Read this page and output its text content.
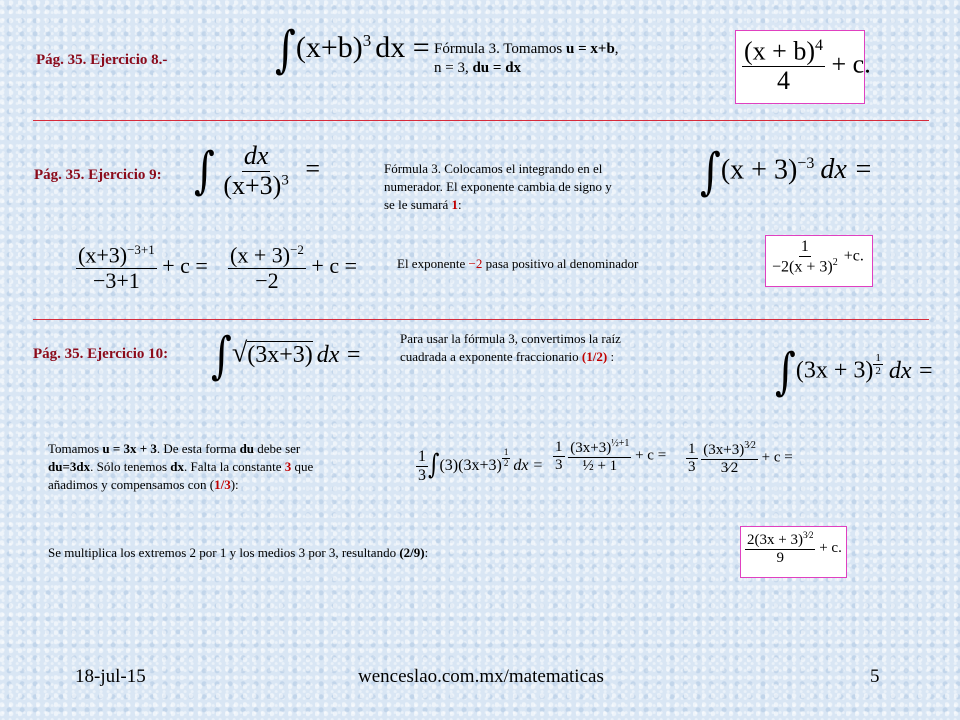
Pág. 35. Ejercicio 8.-	$\int(x+b)^3$ dx = Fórmula 3. Tomamos u = x+b,
n = 3, du = dx	$\frac{(x + b)^4}{4} + c$.
Pág. 35. Ejercicio 9: ∫ $\frac{dx}{(x+3)^3}$ =	Fórmula 3. Colocamos el integrando en el
numerador. El exponente cambia de signo y
se le sumará 1:
$\int(x + 3)^{-3}$ dx =
$\frac{(x+3)^{-3+1}}{-3+1} + c = \frac{(x + 3)^{-2}}{-2} + c$ =	El exponente −2 pasa positivo al denominador	$\frac{1}{-2(x + 3)^2} +c$.
Pág. 35. Ejercicio 10: ∫√(3x+3) dx =
Para usar la fórmula 3, convertimos la raíz
cuadrada a exponente fraccionario (1/2) :	$\int(3x + 3) \frac{1}{2}$ dx =
Tomamos u = 3x + 3. De esta forma du debe ser
du=3dx. Sólo tenemos dx. Falta la constante 3 que
añadimos y compensamos con (1/3):
$\frac{1}{3} \int(3)(3x+3) \frac{1}{2}$ dx = $\frac{1}{3}$
$\frac{(3x+3)^{\frac{1}{2}+1}}{\text{½ + 1}} + c = \frac{1}{3}$
$\frac{(3x+3)^{3⁄2}}{3⁄2} + c$ =
Se multiplica los extremos 2 por 1 y los medios 3 por 3, resultando (2/9):	$\frac{2(3x + 3)^{3⁄2}}{9} + c$.
18-jul-15	wenceslao.com.mx/matematicas	5
